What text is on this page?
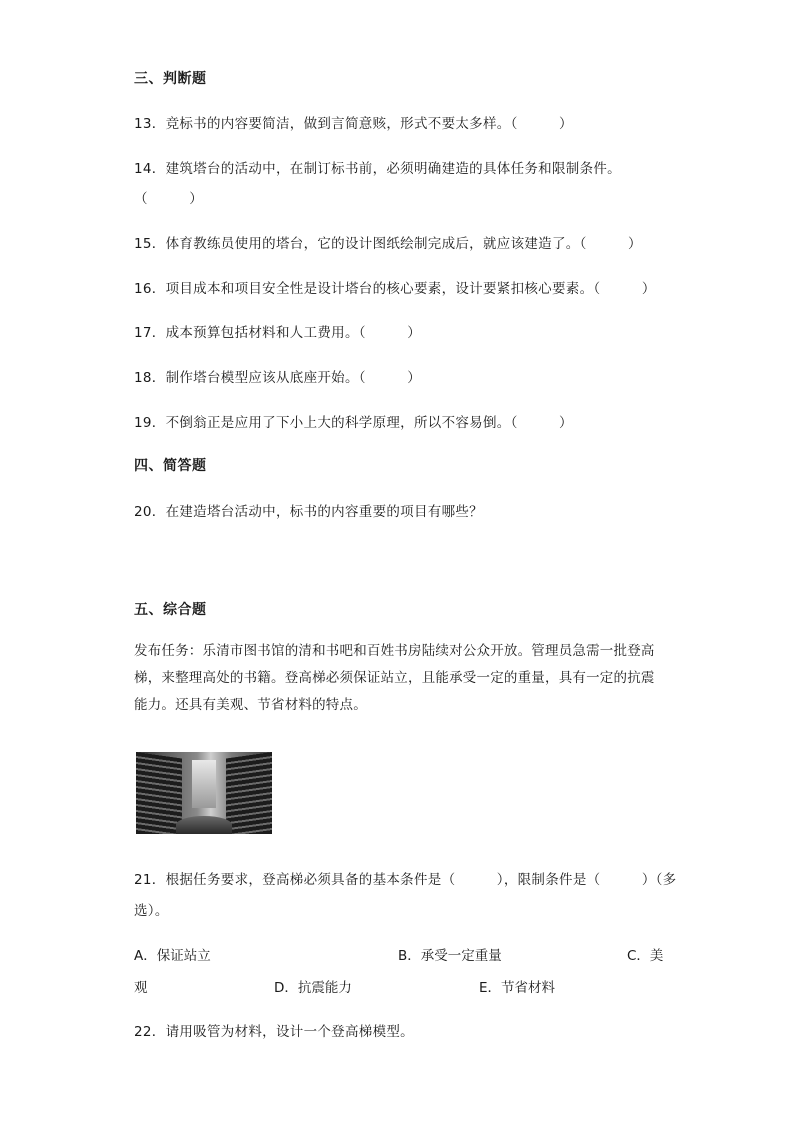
三、判断题
13．竞标书的内容要简洁，做到言简意赅，形式不要太多样。（　　　）
14．建筑塔台的活动中，在制订标书前，必须明确建造的具体任务和限制条件。
（　　　）
15．体育教练员使用的塔台，它的设计图纸绘制完成后，就应该建造了。（　　　）
16．项目成本和项目安全性是设计塔台的核心要素，设计要紧扣核心要素。（　　　）
17．成本预算包括材料和人工费用。（　　　）
18．制作塔台模型应该从底座开始。（　　　）
19．不倒翁正是应用了下小上大的科学原理，所以不容易倒。（　　　）
四、简答题
20．在建造塔台活动中，标书的内容重要的项目有哪些？
五、综合题
发布任务：乐清市图书馆的清和书吧和百姓书房陆续对公众开放。管理员急需一批登高梯，来整理高处的书籍。登高梯必须保证站立，且能承受一定的重量，具有一定的抗震能力。还具有美观、节省材料的特点。
21．根据任务要求，登高梯必须具备的基本条件是（　　　），限制条件是（　　　）（多
选）。
A．保证站立	B．承受一定重量	C．美
观	D．抗震能力	E．节省材料
22．请用吸管为材料，设计一个登高梯模型。
